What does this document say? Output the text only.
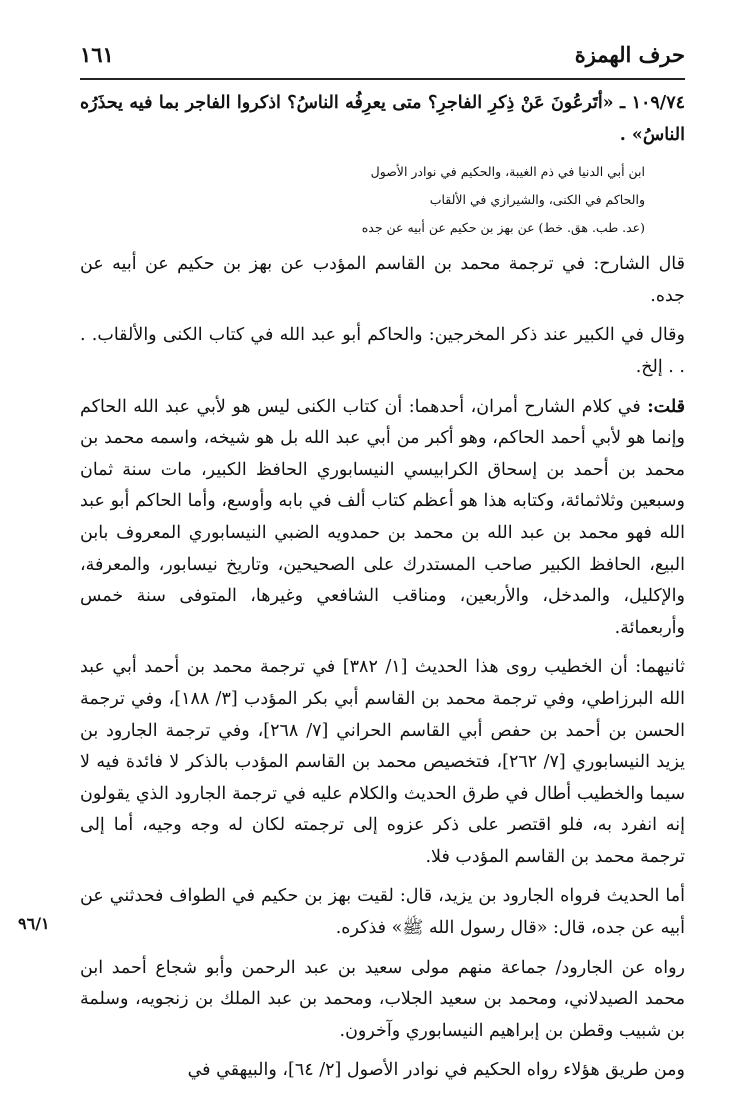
حرف الهمزة
١٦١
٩٦/١

١٠٩/٧٤ ـ «أتَرعُونَ عَنْ ذِكرِ الفاجرِ؟ متى يعرِفُه الناسُ؟ اذكروا الفاجر بما فيه يحذَرُه الناسُ» .

ابن أبي الدنيا في ذم الغيبة، والحكيم في نوادر الأصول

والحاكم في الكنى، والشيرازي في الألقاب

(عد. طب. هق. خط) عن بهز بن حكيم عن أبيه عن جده

قال الشارح: في ترجمة محمد بن القاسم المؤدب عن بهز بن حكيم عن أبيه عن جده.

وقال في الكبير عند ذكر المخرجين: والحاكم أبو عبد الله في كتاب الكنى والألقاب. . . . إلخ.

قلت: في كلام الشارح أمران، أحدهما: أن كتاب الكنى ليس هو لأبي عبد الله الحاكم وإنما هو لأبي أحمد الحاكم، وهو أكبر من أبي عبد الله بل هو شيخه، واسمه محمد بن محمد بن أحمد بن إسحاق الكرابيسي النيسابوري الحافظ الكبير، مات سنة ثمان وسبعين وثلاثمائة، وكتابه هذا هو أعظم كتاب ألف في بابه وأوسع، وأما الحاكم أبو عبد الله فهو محمد بن عبد الله بن محمد بن حمدويه الضبي النيسابوري المعروف بابن البيع، الحافظ الكبير صاحب المستدرك على الصحيحين، وتاريخ نيسابور، والمعرفة، والإكليل، والمدخل، والأربعين، ومناقب الشافعي وغيرها، المتوفى سنة خمس وأربعمائة.

ثانيهما: أن الخطيب روى هذا الحديث [١/ ٣٨٢] في ترجمة محمد بن أحمد أبي عبد الله البرزاطي، وفي ترجمة محمد بن القاسم أبي بكر المؤدب [٣/ ١٨٨]، وفي ترجمة الحسن بن أحمد بن حفص أبي القاسم الحراني [٧/ ٢٦٨]، وفي ترجمة الجارود بن يزيد النيسابوري [٧/ ٢٦٢]، فتخصيص محمد بن القاسم المؤدب بالذكر لا فائدة فيه لا سيما والخطيب أطال في طرق الحديث والكلام عليه في ترجمة الجارود الذي يقولون إنه انفرد به، فلو اقتصر على ذكر عزوه إلى ترجمته لكان له وجه وجيه، أما إلى ترجمة محمد بن القاسم المؤدب فلا.

أما الحديث فرواه الجارود بن يزيد، قال: لقيت بهز بن حكيم في الطواف فحدثني عن أبيه عن جده، قال: «قال رسول الله ﷺ» فذكره.

رواه عن الجارود/ جماعة منهم مولى سعيد بن عبد الرحمن وأبو شجاع أحمد ابن محمد الصيدلاني، ومحمد بن سعيد الجلاب، ومحمد بن عبد الملك بن زنجويه، وسلمة بن شبيب وقطن بن إبراهيم النيسابوري وآخرون.

ومن طريق هؤلاء رواه الحكيم في نوادر الأصول [٢/ ٦٤]، والبيهقي في
